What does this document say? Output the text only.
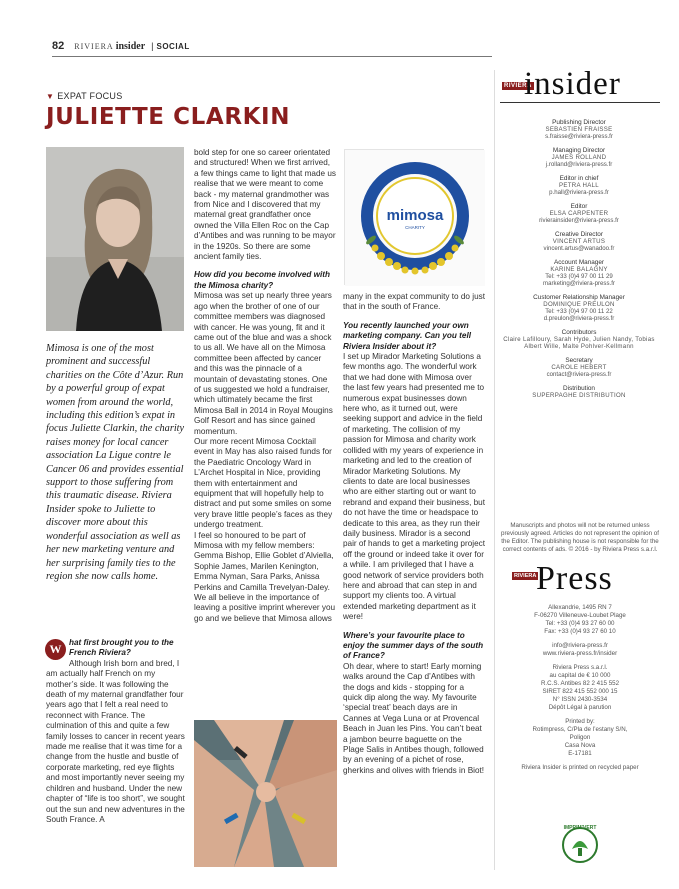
82 RIVIERA insider | SOCIAL
▼ EXPAT FOCUS
JULIETTE CLARKIN
Mimosa is one of the most prominent and successful charities on the Côte d’Azur. Run by a powerful group of expat women from around the world, including this edition’s expat in focus Juliette Clarkin, the charity raises money for local cancer association La Ligue contre le Cancer 06 and provides essential support to those suffering from this traumatic disease. Riviera Insider spoke to Juliette to discover more about this wonderful association as well as her new marketing venture and her surprising family ties to the region she now calls home.
W hat first brought you to the French Riviera?
Although Irish born and bred, I am actually half French on my mother’s side. It was following the death of my maternal grandfather four years ago that I felt a real need to reconnect with France. The culmination of this and quite a few family losses to cancer in recent years made me realise that it was time for a change from the hustle and bustle of corporate marketing, red eye flights and most importantly never seeing my children and husband. Under the new chapter of “life is too short”, we sought out the sun and new adventures in the South France. A

bold step for one so career orientated and structured! When we first arrived, a few things came to light that made us realise that we were meant to come back - my maternal grandmother was from Nice and I discovered that my maternal great grandfather once owned the Villa Ellen Roc on the Cap d’Antibes and was running to be mayor in the 1920s. So there are some ancient family ties.

How did you become involved with the Mimosa charity?

Mimosa was set up nearly three years ago when the brother of one of our committee members was diagnosed with cancer. He was young, fit and it came out of the blue and was a shock to us all. We have all on the Mimosa committee been affected by cancer and this was the pinnacle of a mountain of devastating stones. One of us suggested we hold a fundraiser, which ultimately became the first Mimosa Ball in 2014 in Royal Mougins Golf Resort and has since gained momentum.

Our more recent Mimosa Cocktail event in May has also raised funds for the Paediatric Oncology Ward in L’Archet Hospital in Nice, providing them with entertainment and equipment that will hopefully help to distract and put some smiles on some very brave little people’s faces as they undergo treatment.

I feel so honoured to be part of Mimosa with my fellow members: Gemma Bishop, Ellie Goblet d’Alviella, Sophie James, Marilen Kenington, Emma Nyman, Sara Parks, Anissa Perkins and Camilla Trevelyan-Daley. We all believe in the importance of leaving a positive imprint wherever you go and we believe that Mimosa allows

mimosa
CHARITY

many in the expat community to do just that in the south of France.

You recently launched your own marketing company. Can you tell Riviera Insider about it?

I set up Mirador Marketing Solutions a few months ago. The wonderful work that we had done with Mimosa over the last few years had presented me to numerous expat businesses down here who, as it turned out, were seeking support and advice in the field of marketing. The collision of my passion for Mimosa and charity work collided with my years of experience in marketing and led to the creation of Mirador Marketing Solutions. My clients to date are local businesses who are either starting out or want to rebrand and expand their business, but do not have the time or headspace to dedicate to this area, as they run their daily business. Mirador is a second pair of hands to get a marketing project off the ground or indeed take it over for a while. I am privileged that I have a good network of service providers both here and abroad that can step in and support my clients too. A virtual extended marketing department as it were!

Where’s your favourite place to enjoy the summer days of the south of France?

Oh dear, where to start! Early morning walks around the Cap d’Antibes with the dogs and kids - stopping for a quick dip along the way. My favourite ‘special treat’ beach days are in Cannes at Vega Luna or at Provencal Beach in Juan les Pins. You can’t beat a jambon beurre baguette on the Plage Salis in Antibes though, followed by an evening of a pichet of rose, gherkins and olives with friends in Biot!

RIVIERA
insider
Publishing Director
SEBASTIEN FRAISSE
s.fraisse@riviera-press.fr
Managing Director
JAMES ROLLAND
j.rolland@riviera-press.fr
Editor in chief
PETRA HALL
p.hall@riviera-press.fr
Editor
ELSA CARPENTER
rivierainsider@riviera-press.fr
Creative Director
VINCENT ARTUS
vincent.artus@wanadoo.fr
Account Manager
KARINE BALAGNY
Tel: +33 (0)4 97 00 11 29
marketing@riviera-press.fr
Customer Relationship Manager
DOMINIQUE PREULON
Tel: +33 (0)4 97 00 11 22
d.preulon@riviera-press.fr
Contributors
Claire Lafilloury, Sarah Hyde, Julien Nandy, Tobias Albert Wille, Malte Pohlver-Kellmann
Secretary
CAROLE HEBERT
contact@riviera-press.fr
Distribution
SUPERPAGHE DISTRIBUTION
Manuscripts and photos will not be returned unless previously agreed. Articles do not represent the opinion of the Editor. The publishing house is not responsible for the correct contents of ads. © 2016 - by Riviera Press s.a.r.l.
RIVIERA Press
Allexandrie, 1495 RN 7
F-06270 Villeneuve-Loubet Plage
Tel: +33 (0)4 93 27 60 00
Fax: +33 (0)4 93 27 60 10
info@riviera-press.fr
www.riviera-press.fr/insider
Riviera Press s.a.r.l.
au capital de € 10 000
R.C.S. Antibes 82 2 415 552
SIRET 822 415 552 000 15
N° ISSN 2430-3534
Dépôt Légal à parution
Printed by:
Rotimpress, C/Pla de l’estany S/N,
Poligon
Casa Nova
E-17181
Riviera Insider is printed on recycled paper
IMPRIM’VERT
